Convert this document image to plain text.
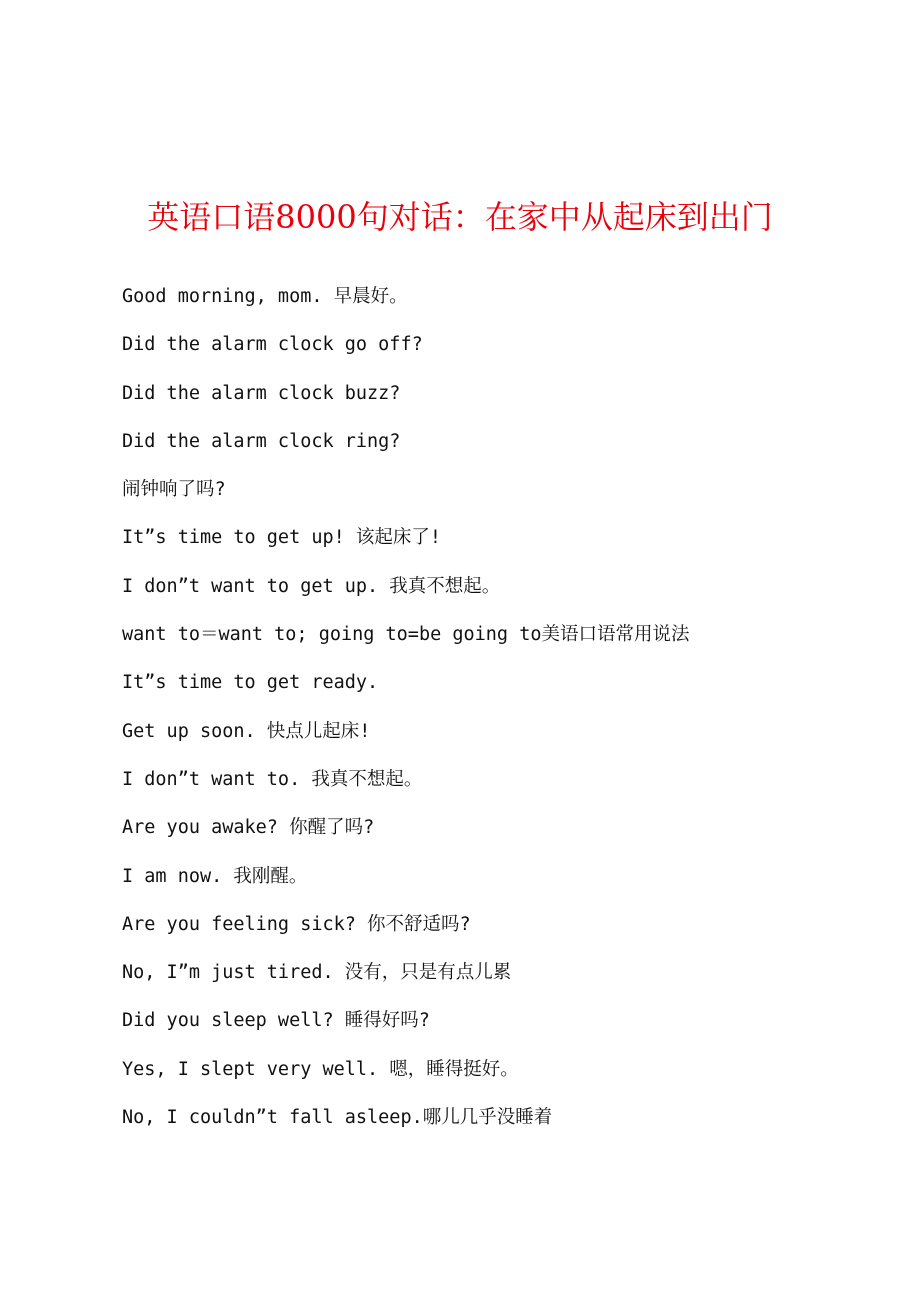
英语口语8000句对话：在家中从起床到出门
Good morning, mom. 早晨好。
Did the alarm clock go off?
Did the alarm clock buzz?
Did the alarm clock ring?
闹钟响了吗?
It”s time to get up! 该起床了!
I don”t want to get up. 我真不想起。
want to＝want to; going to=be going to美语口语常用说法
It”s time to get ready.
Get up soon. 快点儿起床!
I don”t want to. 我真不想起。
Are you awake? 你醒了吗?
I am now. 我刚醒。
Are you feeling sick? 你不舒适吗?
No, I”m just tired. 没有，只是有点儿累
Did you sleep well? 睡得好吗?
Yes, I slept very well. 嗯，睡得挺好。
No, I couldn”t fall asleep.哪儿几乎没睡着
